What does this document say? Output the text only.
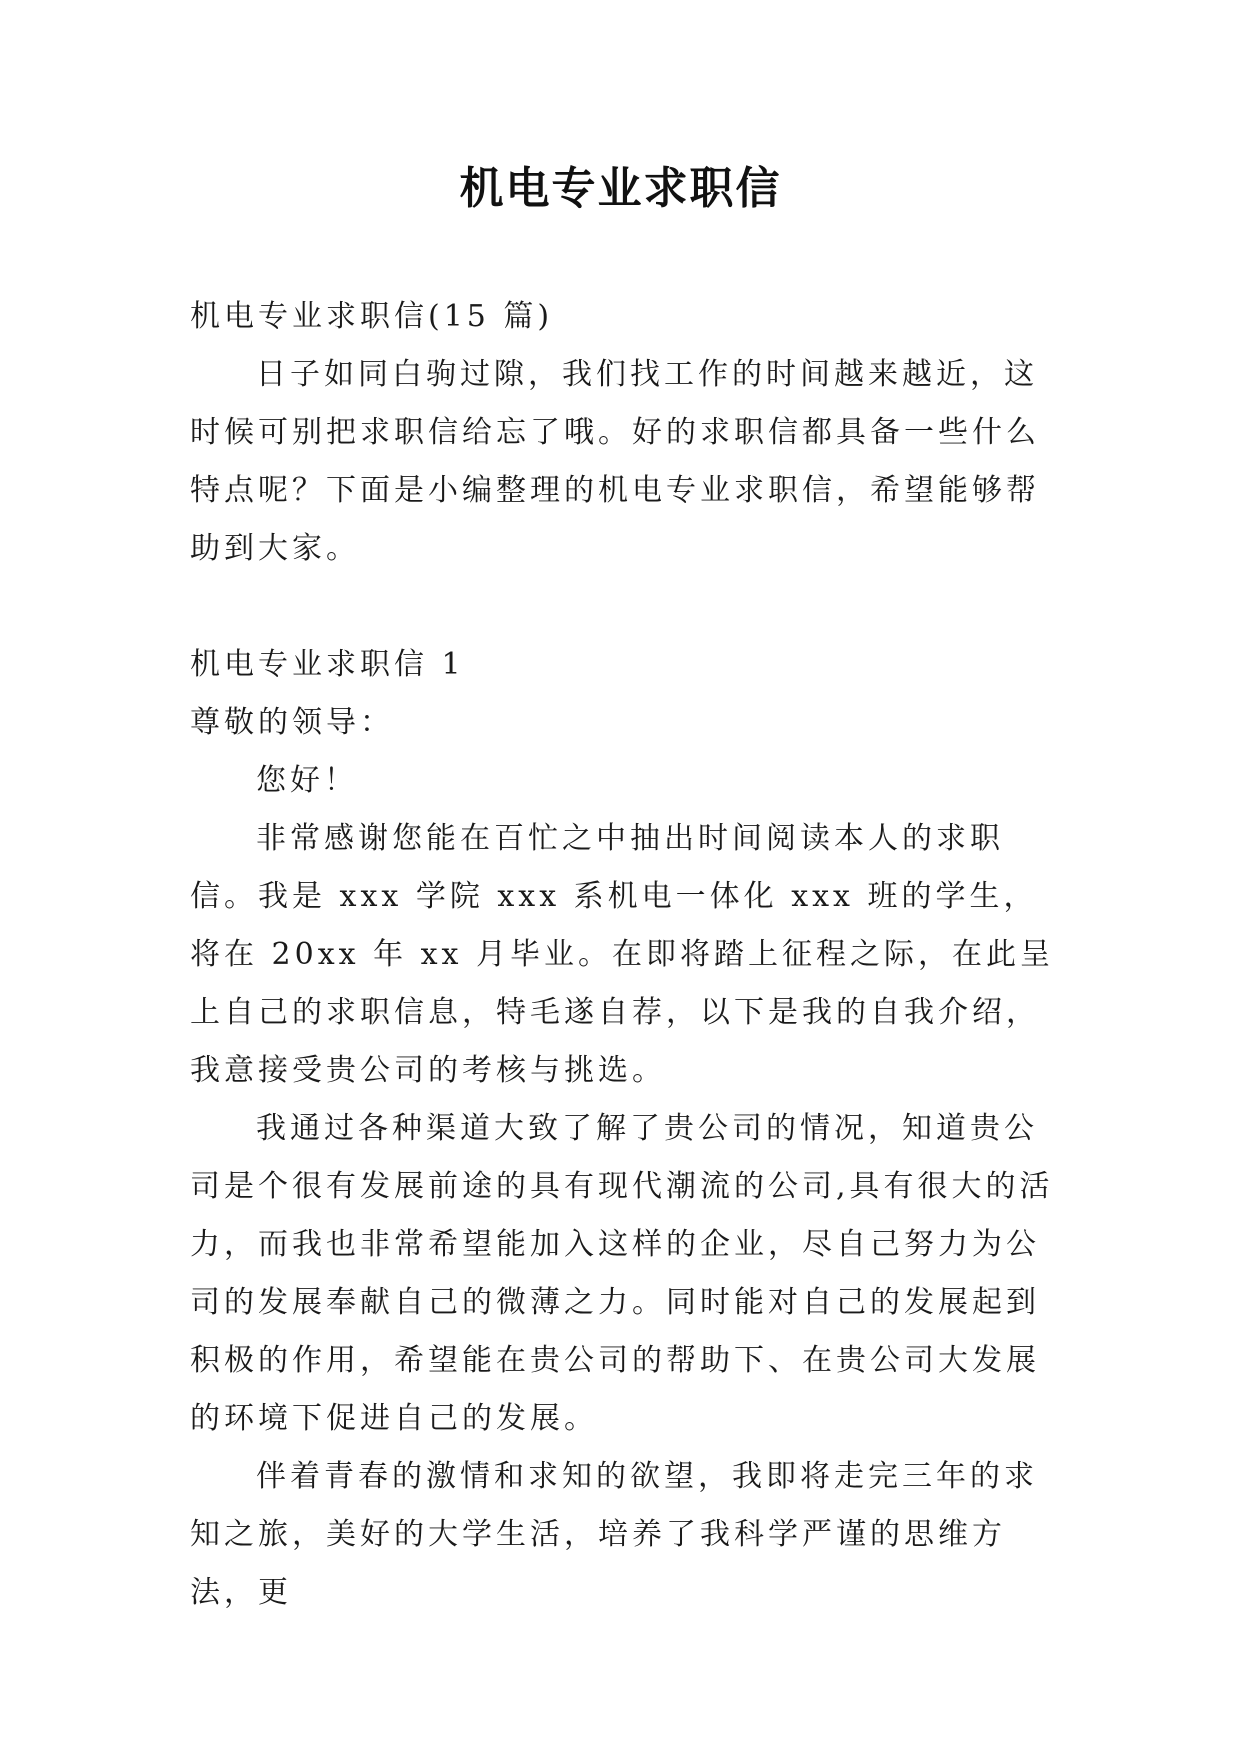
机电专业求职信

机电专业求职信(15 篇)

日子如同白驹过隙，我们找工作的时间越来越近，这时候可别把求职信给忘了哦。好的求职信都具备一些什么特点呢？下面是小编整理的机电专业求职信，希望能够帮助到大家。

机电专业求职信 1

尊敬的领导：

您好！

非常感谢您能在百忙之中抽出时间阅读本人的求职信。我是 xxx 学院 xxx 系机电一体化 xxx 班的学生，将在 20xx 年 xx 月毕业。在即将踏上征程之际，在此呈上自己的求职信息，特毛遂自荐，以下是我的自我介绍，我意接受贵公司的考核与挑选。

我通过各种渠道大致了解了贵公司的情况，知道贵公司是个很有发展前途的具有现代潮流的公司,具有很大的活力，而我也非常希望能加入这样的企业，尽自己努力为公司的发展奉献自己的微薄之力。同时能对自己的发展起到积极的作用，希望能在贵公司的帮助下、在贵公司大发展的环境下促进自己的发展。

伴着青春的激情和求知的欲望，我即将走完三年的求知之旅，美好的大学生活，培养了我科学严谨的思维方法，更
